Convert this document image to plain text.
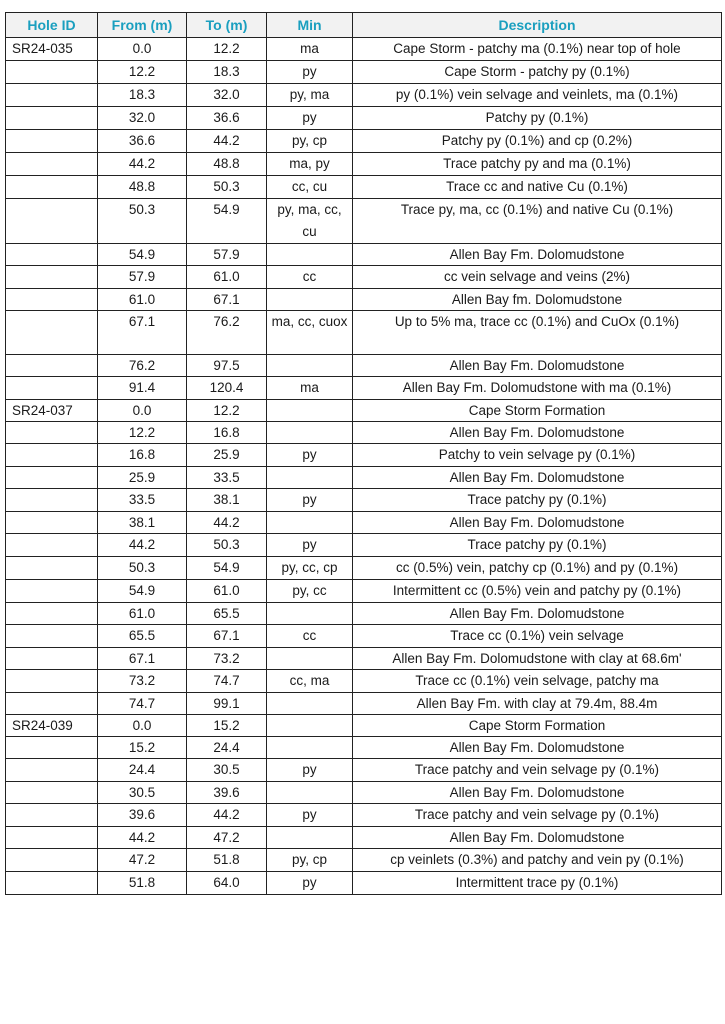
Hole ID	From (m)	To (m)	Min	Description
SR24-035	0.0	12.2	ma	Cape Storm - patchy ma (0.1%) near top of hole
	12.2	18.3	py	Cape Storm - patchy py (0.1%)
	18.3	32.0	py, ma	py (0.1%) vein selvage and veinlets, ma (0.1%)
	32.0	36.6	py	Patchy py (0.1%)
	36.6	44.2	py, cp	Patchy py (0.1%) and cp (0.2%)
	44.2	48.8	ma, py	Trace patchy py and ma (0.1%)
	48.8	50.3	cc, cu	Trace cc and native Cu (0.1%)
	50.3	54.9	py, ma, cc, cu	Trace py, ma, cc (0.1%) and native Cu (0.1%)
	54.9	57.9		Allen Bay Fm. Dolomudstone
	57.9	61.0	cc	cc vein selvage and veins (2%)
	61.0	67.1		Allen Bay fm. Dolomudstone
	67.1	76.2	ma, cc, cuox	Up to 5% ma, trace cc (0.1%) and CuOx (0.1%)
	76.2	97.5		Allen Bay Fm. Dolomudstone
	91.4	120.4	ma	Allen Bay Fm. Dolomudstone with ma (0.1%)
SR24-037	0.0	12.2		Cape Storm Formation
	12.2	16.8		Allen Bay Fm. Dolomudstone
	16.8	25.9	py	Patchy to vein selvage py (0.1%)
	25.9	33.5		Allen Bay Fm. Dolomudstone
	33.5	38.1	py	Trace patchy py (0.1%)
	38.1	44.2		Allen Bay Fm. Dolomudstone
	44.2	50.3	py	Trace patchy py (0.1%)
	50.3	54.9	py, cc, cp	cc (0.5%) vein, patchy cp (0.1%) and py (0.1%)
	54.9	61.0	py, cc	Intermittent cc (0.5%) vein and patchy py (0.1%)
	61.0	65.5		Allen Bay Fm. Dolomudstone
	65.5	67.1	cc	Trace cc (0.1%) vein selvage
	67.1	73.2		Allen Bay Fm. Dolomudstone with clay at 68.6m'
	73.2	74.7	cc, ma	Trace cc (0.1%) vein selvage, patchy ma
	74.7	99.1		Allen Bay Fm. with clay at 79.4m, 88.4m
SR24-039	0.0	15.2		Cape Storm Formation
	15.2	24.4		Allen Bay Fm. Dolomudstone
	24.4	30.5	py	Trace patchy and vein selvage py (0.1%)
	30.5	39.6		Allen Bay Fm. Dolomudstone
	39.6	44.2	py	Trace patchy and vein selvage py (0.1%)
	44.2	47.2		Allen Bay Fm. Dolomudstone
	47.2	51.8	py, cp	cp veinlets (0.3%) and patchy and vein py (0.1%)
	51.8	64.0	py	Intermittent trace py (0.1%)
